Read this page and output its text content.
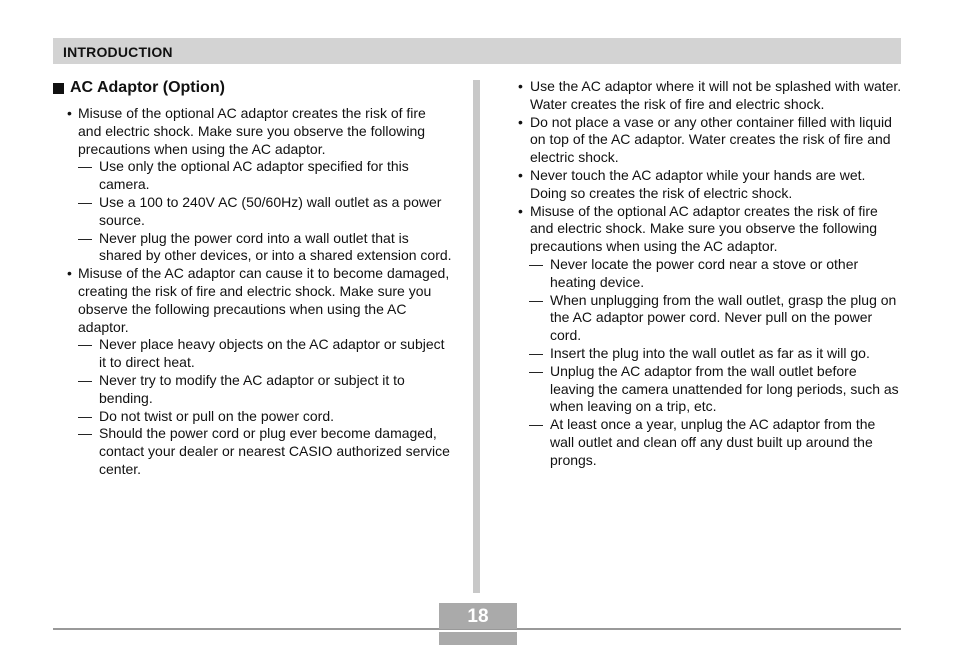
INTRODUCTION
AC Adaptor (Option)
• Misuse of the optional AC adaptor creates the risk of fire and electric shock. Make sure you observe the following precautions when using the AC adaptor.
— Use only the optional AC adaptor specified for this camera.
— Use a 100 to 240V AC (50/60Hz) wall outlet as a power source.
— Never plug the power cord into a wall outlet that is shared by other devices, or into a shared extension cord.
• Misuse of the AC adaptor can cause it to become damaged, creating the risk of fire and electric shock. Make sure you observe the following precautions when using the AC adaptor.
— Never place heavy objects on the AC adaptor or subject it to direct heat.
— Never try to modify the AC adaptor or subject it to bending.
— Do not twist or pull on the power cord.
— Should the power cord or plug ever become damaged, contact your dealer or nearest CASIO authorized service center.
• Use the AC adaptor where it will not be splashed with water. Water creates the risk of fire and electric shock.
• Do not place a vase or any other container filled with liquid on top of the AC adaptor. Water creates the risk of fire and electric shock.
• Never touch the AC adaptor while your hands are wet. Doing so creates the risk of electric shock.
• Misuse of the optional AC adaptor creates the risk of fire and electric shock. Make sure you observe the following precautions when using the AC adaptor.
— Never locate the power cord near a stove or other heating device.
— When unplugging from the wall outlet, grasp the plug on the AC adaptor power cord. Never pull on the power cord.
— Insert the plug into the wall outlet as far as it will go.
— Unplug the AC adaptor from the wall outlet before leaving the camera unattended for long periods, such as when leaving on a trip, etc.
— At least once a year, unplug the AC adaptor from the wall outlet and clean off any dust built up around the prongs.
18
